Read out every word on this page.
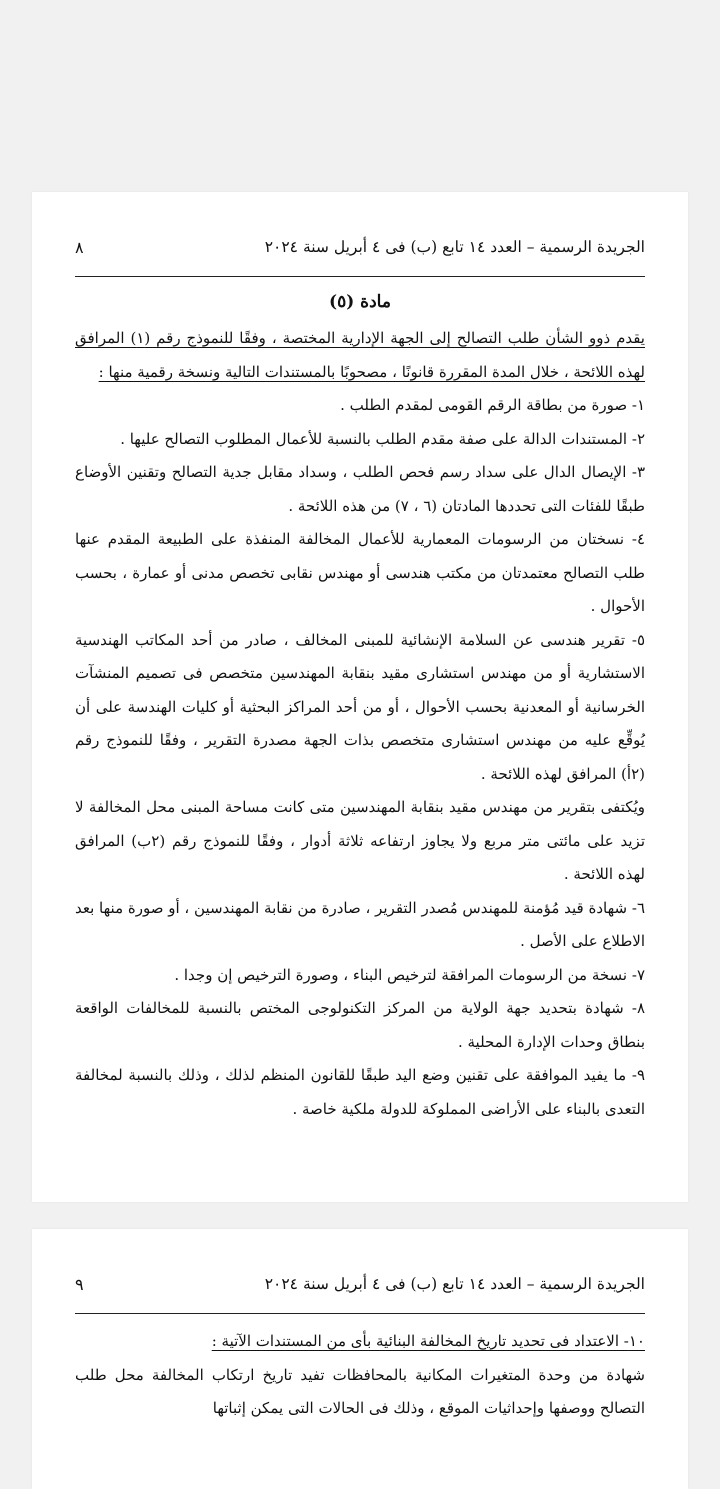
الجريدة الرسمية – العدد ١٤ تابع (ب) فى ٤ أبريل سنة ٢٠٢٤
٨
مادة (٥)

يقدم ذوو الشأن طلب التصالح إلى الجهة الإدارية المختصة ، وفقًا للنموذج رقم (١) المرافق لهذه اللائحة ، خلال المدة المقررة قانونًا ، مصحوبًا بالمستندات التالية ونسخة رقمية منها :

١- صورة من بطاقة الرقم القومى لمقدم الطلب .

٢- المستندات الدالة على صفة مقدم الطلب بالنسبة للأعمال المطلوب التصالح عليها .

٣- الإيصال الدال على سداد رسم فحص الطلب ، وسداد مقابل جدية التصالح وتقنين الأوضاع طبقًا للفئات التى تحددها المادتان (٦ ، ٧) من هذه اللائحة .

٤- نسختان من الرسومات المعمارية للأعمال المخالفة المنفذة على الطبيعة المقدم عنها طلب التصالح معتمدتان من مكتب هندسى أو مهندس نقابى تخصص مدنى أو عمارة ، بحسب الأحوال .

٥- تقرير هندسى عن السلامة الإنشائية للمبنى المخالف ، صادر من أحد المكاتب الهندسية الاستشارية أو من مهندس استشارى مقيد بنقابة المهندسين متخصص فى تصميم المنشآت الخرسانية أو المعدنية بحسب الأحوال ، أو من أحد المراكز البحثية أو كليات الهندسة على أن يُوقِّع عليه من مهندس استشارى متخصص بذات الجهة مصدرة التقرير ، وفقًا للنموذج رقم (٢أ) المرافق لهذه اللائحة .

ويُكتفى بتقرير من مهندس مقيد بنقابة المهندسين متى كانت مساحة المبنى محل المخالفة لا تزيد على مائتى متر مربع ولا يجاوز ارتفاعه ثلاثة أدوار ، وفقًا للنموذج رقم (٢ب) المرافق لهذه اللائحة .

٦- شهادة قيد مُؤمنة للمهندس مُصدر التقرير ، صادرة من نقابة المهندسين ، أو صورة منها بعد الاطلاع على الأصل .

٧- نسخة من الرسومات المرافقة لترخيص البناء ، وصورة الترخيص إن وجدا .

٨- شهادة بتحديد جهة الولاية من المركز التكنولوجى المختص بالنسبة للمخالفات الواقعة بنطاق وحدات الإدارة المحلية .

٩- ما يفيد الموافقة على تقنين وضع اليد طبقًا للقانون المنظم لذلك ، وذلك بالنسبة لمخالفة التعدى بالبناء على الأراضى المملوكة للدولة ملكية خاصة .

الجريدة الرسمية – العدد ١٤ تابع (ب) فى ٤ أبريل سنة ٢٠٢٤
٩

١٠- الاعتداد فى تحديد تاريخ المخالفة البنائية بأى من المستندات الآتية :

شهادة من وحدة المتغيرات المكانية بالمحافظات تفيد تاريخ ارتكاب المخالفة محل طلب التصالح ووصفها وإحداثيات الموقع ، وذلك فى الحالات التى يمكن إثباتها
